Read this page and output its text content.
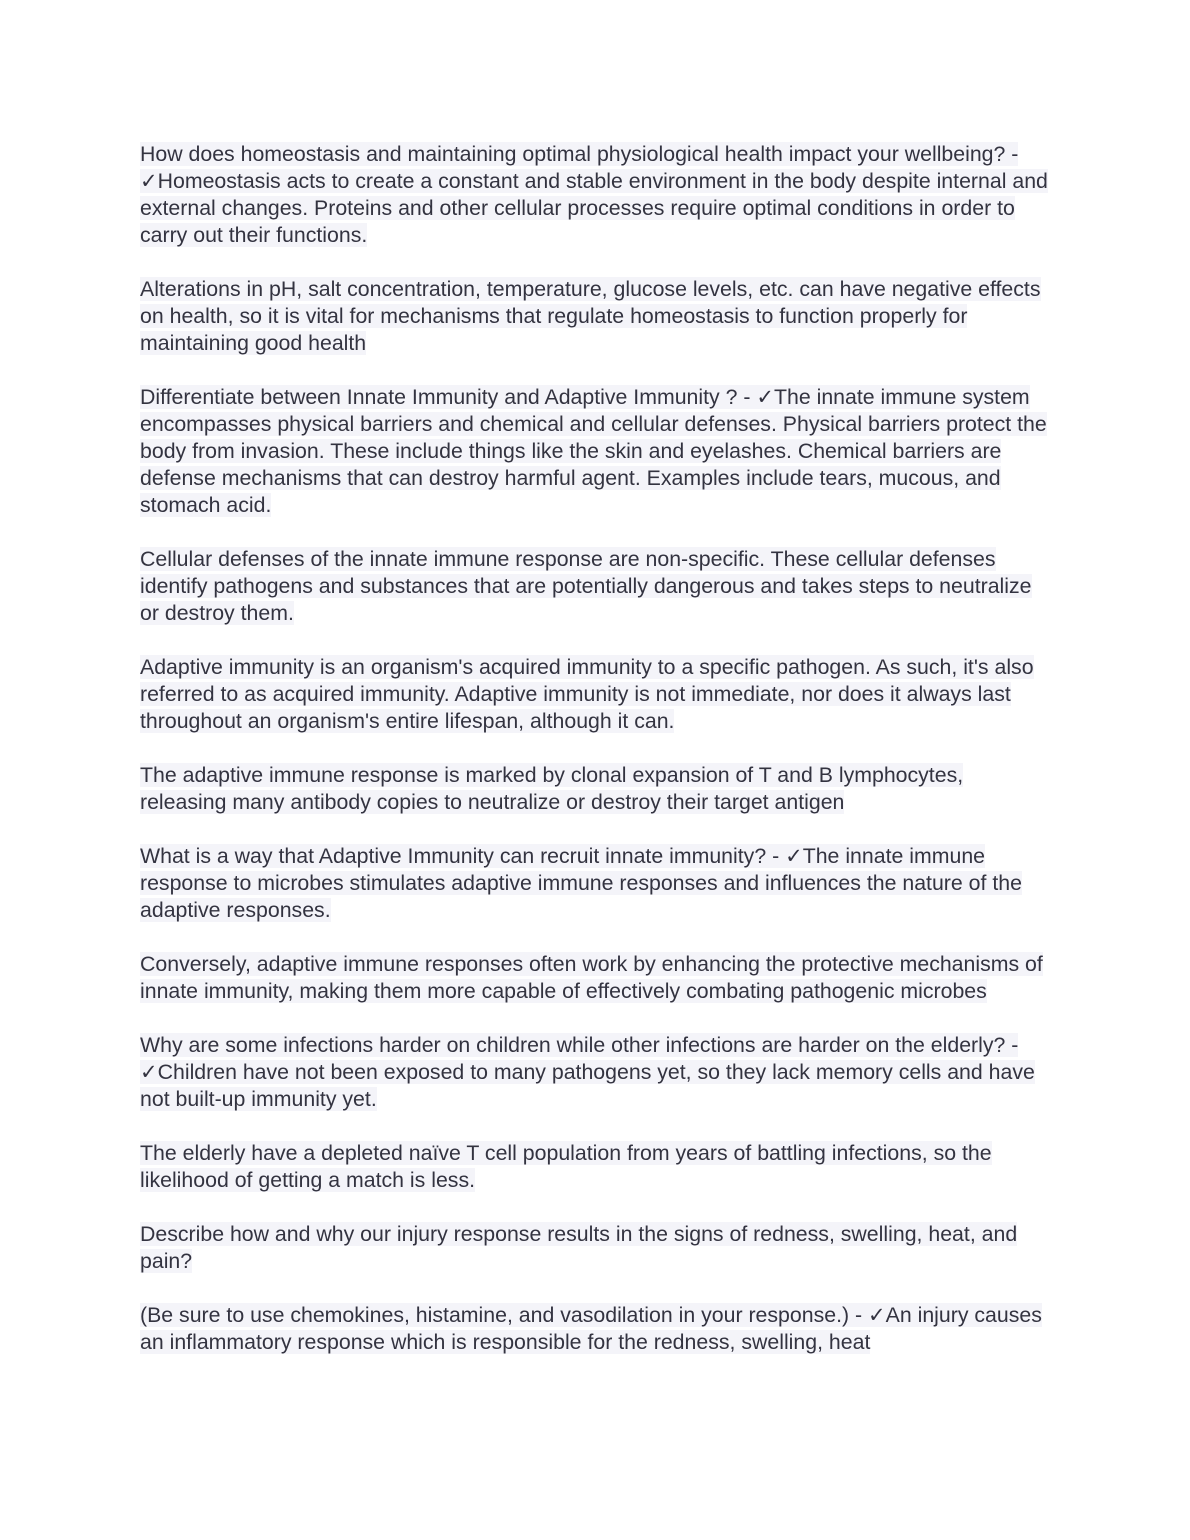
How does homeostasis and maintaining optimal physiological health impact your wellbeing? - ✓Homeostasis acts to create a constant and stable environment in the body despite internal and external changes. Proteins and other cellular processes require optimal conditions in order to carry out their functions.

Alterations in pH, salt concentration, temperature, glucose levels, etc. can have negative effects on health, so it is vital for mechanisms that regulate homeostasis to function properly for maintaining good health

Differentiate between Innate Immunity and Adaptive Immunity ? - ✓The innate immune system encompasses physical barriers and chemical and cellular defenses. Physical barriers protect the body from invasion. These include things like the skin and eyelashes. Chemical barriers are defense mechanisms that can destroy harmful agent. Examples include tears, mucous, and stomach acid.

Cellular defenses of the innate immune response are non-specific. These cellular defenses identify pathogens and substances that are potentially dangerous and takes steps to neutralize or destroy them.

Adaptive immunity is an organism's acquired immunity to a specific pathogen. As such, it's also referred to as acquired immunity. Adaptive immunity is not immediate, nor does it always last throughout an organism's entire lifespan, although it can.

The adaptive immune response is marked by clonal expansion of T and B lymphocytes, releasing many antibody copies to neutralize or destroy their target antigen

What is a way that Adaptive Immunity can recruit innate immunity? - ✓The innate immune response to microbes stimulates adaptive immune responses and influences the nature of the adaptive responses.

Conversely, adaptive immune responses often work by enhancing the protective mechanisms of innate immunity, making them more capable of effectively combating pathogenic microbes

Why are some infections harder on children while other infections are harder on the elderly? - ✓Children have not been exposed to many pathogens yet, so they lack memory cells and have not built-up immunity yet.

The elderly have a depleted naïve T cell population from years of battling infections, so the likelihood of getting a match is less.

Describe how and why our injury response results in the signs of redness, swelling, heat, and pain?

(Be sure to use chemokines, histamine, and vasodilation in your response.) - ✓An injury causes an inflammatory response which is responsible for the redness, swelling, heat
